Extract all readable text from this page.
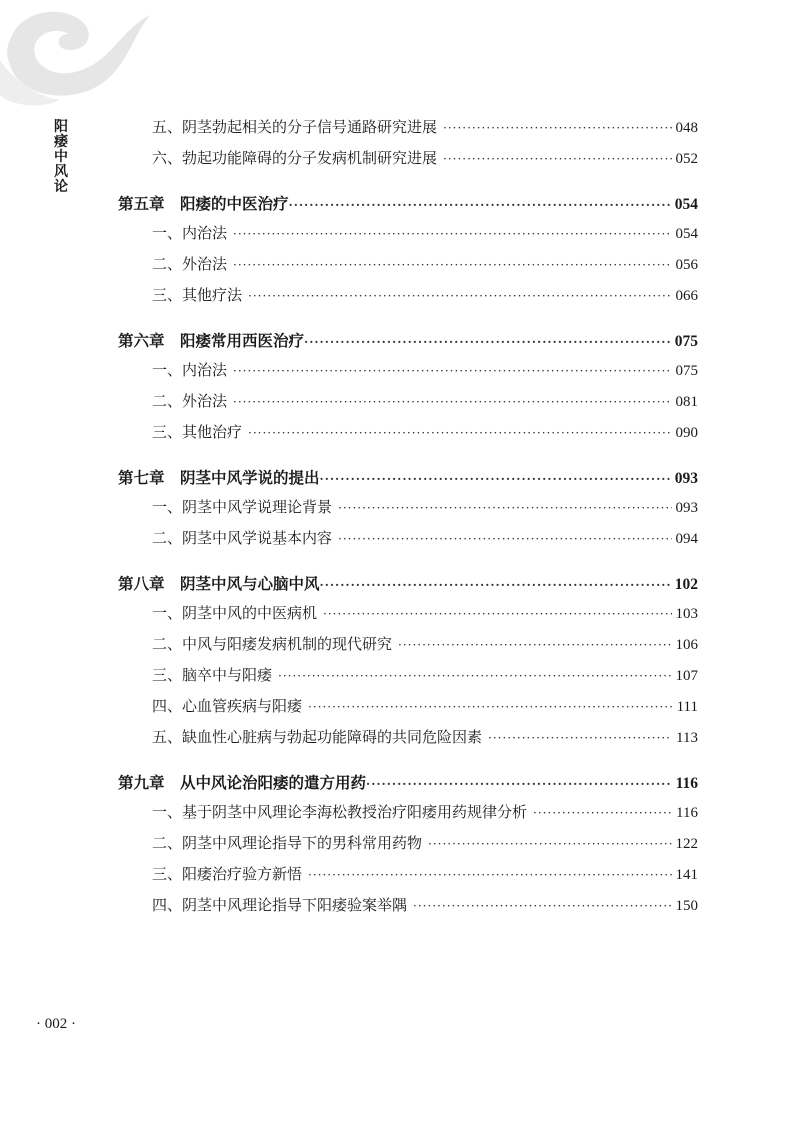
阳痿中风论
五、阴茎勃起相关的分子信号通路研究进展 ·····	048
六、勃起功能障碍的分子发病机制研究进展 ·····	052
第五章　阳痿的中医治疗 ·····	054
一、内治法 ·····	054
二、外治法 ·····	056
三、其他疗法 ·····	066
第六章　阳痿常用西医治疗 ·····	075
一、内治法 ·····	075
二、外治法 ·····	081
三、其他治疗 ·····	090
第七章　阴茎中风学说的提出 ·····	093
一、阴茎中风学说理论背景 ·····	093
二、阴茎中风学说基本内容 ·····	094
第八章　阴茎中风与心脑中风 ·····	102
一、阴茎中风的中医病机 ·····	103
二、中风与阳痿发病机制的现代研究 ·····	106
三、脑卒中与阳痿 ·····	107
四、心血管疾病与阳痿 ·····	111
五、缺血性心脏病与勃起功能障碍的共同危险因素 ·····	113
第九章　从中风论治阳痿的遣方用药 ·····	116
一、基于阴茎中风理论李海松教授治疗阳痿用药规律分析 ·····	116
二、阴茎中风理论指导下的男科常用药物 ·····	122
三、阳痿治疗验方新悟 ·····	141
四、阴茎中风理论指导下阳痿验案举隅 ·····	150
· 002 ·
